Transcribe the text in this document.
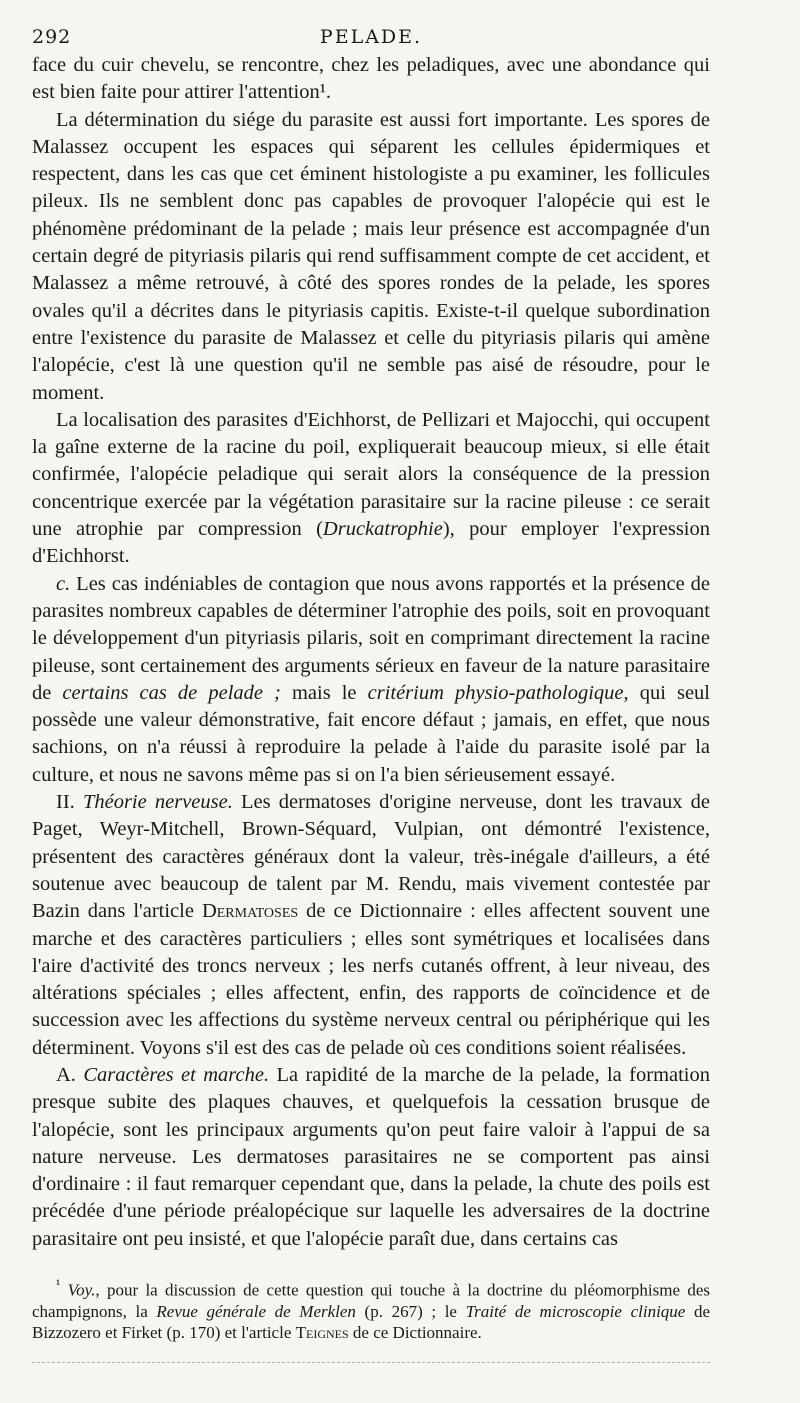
292	PELADE.

face du cuir chevelu, se rencontre, chez les peladiques, avec une abondance qui est bien faite pour attirer l'attention¹.

La détermination du siége du parasite est aussi fort importante. Les spores de Malassez occupent les espaces qui séparent les cellules épidermiques et respectent, dans les cas que cet éminent histologiste a pu examiner, les follicules pileux. Ils ne semblent donc pas capables de provoquer l'alopécie qui est le phénomène prédominant de la pelade ; mais leur présence est accompagnée d'un certain degré de pityriasis pilaris qui rend suffisamment compte de cet accident, et Malassez a même retrouvé, à côté des spores rondes de la pelade, les spores ovales qu'il a décrites dans le pityriasis capitis. Existe-t-il quelque subordination entre l'existence du parasite de Malassez et celle du pityriasis pilaris qui amène l'alopécie, c'est là une question qu'il ne semble pas aisé de résoudre, pour le moment.

La localisation des parasites d'Eichhorst, de Pellizari et Majocchi, qui occupent la gaîne externe de la racine du poil, expliquerait beaucoup mieux, si elle était confirmée, l'alopécie peladique qui serait alors la conséquence de la pression concentrique exercée par la végétation parasitaire sur la racine pileuse : ce serait une atrophie par compression (Druckatrophie), pour employer l'expression d'Eichhorst.

c. Les cas indéniables de contagion que nous avons rapportés et la présence de parasites nombreux capables de déterminer l'atrophie des poils, soit en provoquant le développement d'un pityriasis pilaris, soit en comprimant directement la racine pileuse, sont certainement des arguments sérieux en faveur de la nature parasitaire de certains cas de pelade ; mais le critérium physio-pathologique, qui seul possède une valeur démonstrative, fait encore défaut ; jamais, en effet, que nous sachions, on n'a réussi à reproduire la pelade à l'aide du parasite isolé par la culture, et nous ne savons même pas si on l'a bien sérieusement essayé.

II. Théorie nerveuse. Les dermatoses d'origine nerveuse, dont les travaux de Paget, Weyr-Mitchell, Brown-Séquard, Vulpian, ont démontré l'existence, présentent des caractères généraux dont la valeur, très-inégale d'ailleurs, a été soutenue avec beaucoup de talent par M. Rendu, mais vivement contestée par Bazin dans l'article Dermatoses de ce Dictionnaire : elles affectent souvent une marche et des caractères particuliers ; elles sont symétriques et localisées dans l'aire d'activité des troncs nerveux ; les nerfs cutanés offrent, à leur niveau, des altérations spéciales ; elles affectent, enfin, des rapports de coïncidence et de succession avec les affections du système nerveux central ou périphérique qui les déterminent. Voyons s'il est des cas de pelade où ces conditions soient réalisées.

A. Caractères et marche. La rapidité de la marche de la pelade, la formation presque subite des plaques chauves, et quelquefois la cessation brusque de l'alopécie, sont les principaux arguments qu'on peut faire valoir à l'appui de sa nature nerveuse. Les dermatoses parasitaires ne se comportent pas ainsi d'ordinaire : il faut remarquer cependant que, dans la pelade, la chute des poils est précédée d'une période préalopécique sur laquelle les adversaires de la doctrine parasitaire ont peu insisté, et que l'alopécie paraît due, dans certains cas

$^{^1}$ Voy., pour la discussion de cette question qui touche à la doctrine du pléomorphisme des champignons, la Revue générale de Merklen (p. 267) ; le Traité de microscopie clinique de Bizzozero et Firket (p. 170) et l'article Teignes de ce Dictionnaire.
